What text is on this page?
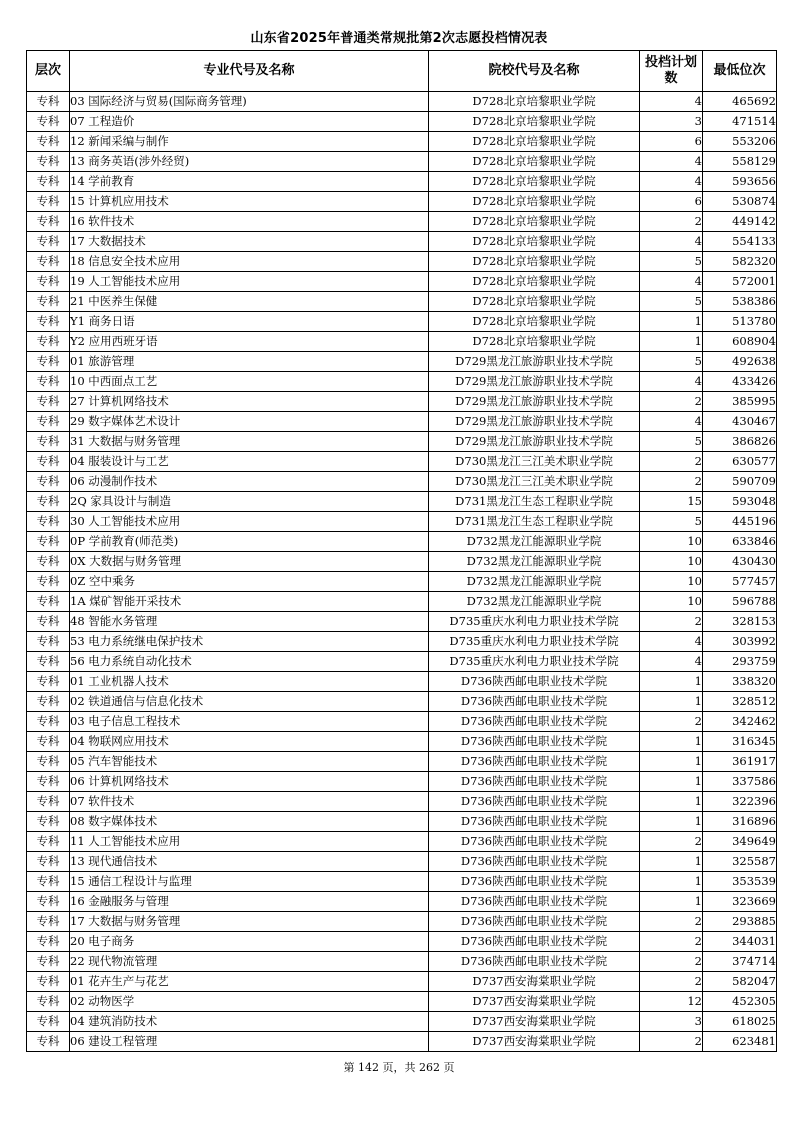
山东省2025年普通类常规批第2次志愿投档情况表
层次	专业代号及名称	院校代号及名称	投档计划数	最低位次
专科	03 国际经济与贸易(国际商务管理)	D728北京培黎职业学院	4	465692
专科	07 工程造价	D728北京培黎职业学院	3	471514
专科	12 新闻采编与制作	D728北京培黎职业学院	6	553206
专科	13 商务英语(涉外经贸)	D728北京培黎职业学院	4	558129
专科	14 学前教育	D728北京培黎职业学院	4	593656
专科	15 计算机应用技术	D728北京培黎职业学院	6	530874
专科	16 软件技术	D728北京培黎职业学院	2	449142
专科	17 大数据技术	D728北京培黎职业学院	4	554133
专科	18 信息安全技术应用	D728北京培黎职业学院	5	582320
专科	19 人工智能技术应用	D728北京培黎职业学院	4	572001
专科	21 中医养生保健	D728北京培黎职业学院	5	538386
专科	Y1 商务日语	D728北京培黎职业学院	1	513780
专科	Y2 应用西班牙语	D728北京培黎职业学院	1	608904
专科	01 旅游管理	D729黑龙江旅游职业技术学院	5	492638
专科	10 中西面点工艺	D729黑龙江旅游职业技术学院	4	433426
专科	27 计算机网络技术	D729黑龙江旅游职业技术学院	2	385995
专科	29 数字媒体艺术设计	D729黑龙江旅游职业技术学院	4	430467
专科	31 大数据与财务管理	D729黑龙江旅游职业技术学院	5	386826
专科	04 服装设计与工艺	D730黑龙江三江美术职业学院	2	630577
专科	06 动漫制作技术	D730黑龙江三江美术职业学院	2	590709
专科	2Q 家具设计与制造	D731黑龙江生态工程职业学院	15	593048
专科	30 人工智能技术应用	D731黑龙江生态工程职业学院	5	445196
专科	0P 学前教育(师范类)	D732黑龙江能源职业学院	10	633846
专科	0X 大数据与财务管理	D732黑龙江能源职业学院	10	430430
专科	0Z 空中乘务	D732黑龙江能源职业学院	10	577457
专科	1A 煤矿智能开采技术	D732黑龙江能源职业学院	10	596788
专科	48 智能水务管理	D735重庆水利电力职业技术学院	2	328153
专科	53 电力系统继电保护技术	D735重庆水利电力职业技术学院	4	303992
专科	56 电力系统自动化技术	D735重庆水利电力职业技术学院	4	293759
专科	01 工业机器人技术	D736陕西邮电职业技术学院	1	338320
专科	02 铁道通信与信息化技术	D736陕西邮电职业技术学院	1	328512
专科	03 电子信息工程技术	D736陕西邮电职业技术学院	2	342462
专科	04 物联网应用技术	D736陕西邮电职业技术学院	1	316345
专科	05 汽车智能技术	D736陕西邮电职业技术学院	1	361917
专科	06 计算机网络技术	D736陕西邮电职业技术学院	1	337586
专科	07 软件技术	D736陕西邮电职业技术学院	1	322396
专科	08 数字媒体技术	D736陕西邮电职业技术学院	1	316896
专科	11 人工智能技术应用	D736陕西邮电职业技术学院	2	349649
专科	13 现代通信技术	D736陕西邮电职业技术学院	1	325587
专科	15 通信工程设计与监理	D736陕西邮电职业技术学院	1	353539
专科	16 金融服务与管理	D736陕西邮电职业技术学院	1	323669
专科	17 大数据与财务管理	D736陕西邮电职业技术学院	2	293885
专科	20 电子商务	D736陕西邮电职业技术学院	2	344031
专科	22 现代物流管理	D736陕西邮电职业技术学院	2	374714
专科	01 花卉生产与花艺	D737西安海棠职业学院	2	582047
专科	02 动物医学	D737西安海棠职业学院	12	452305
专科	04 建筑消防技术	D737西安海棠职业学院	3	618025
专科	06 建设工程管理	D737西安海棠职业学院	2	623481
第 142 页，共 262 页
